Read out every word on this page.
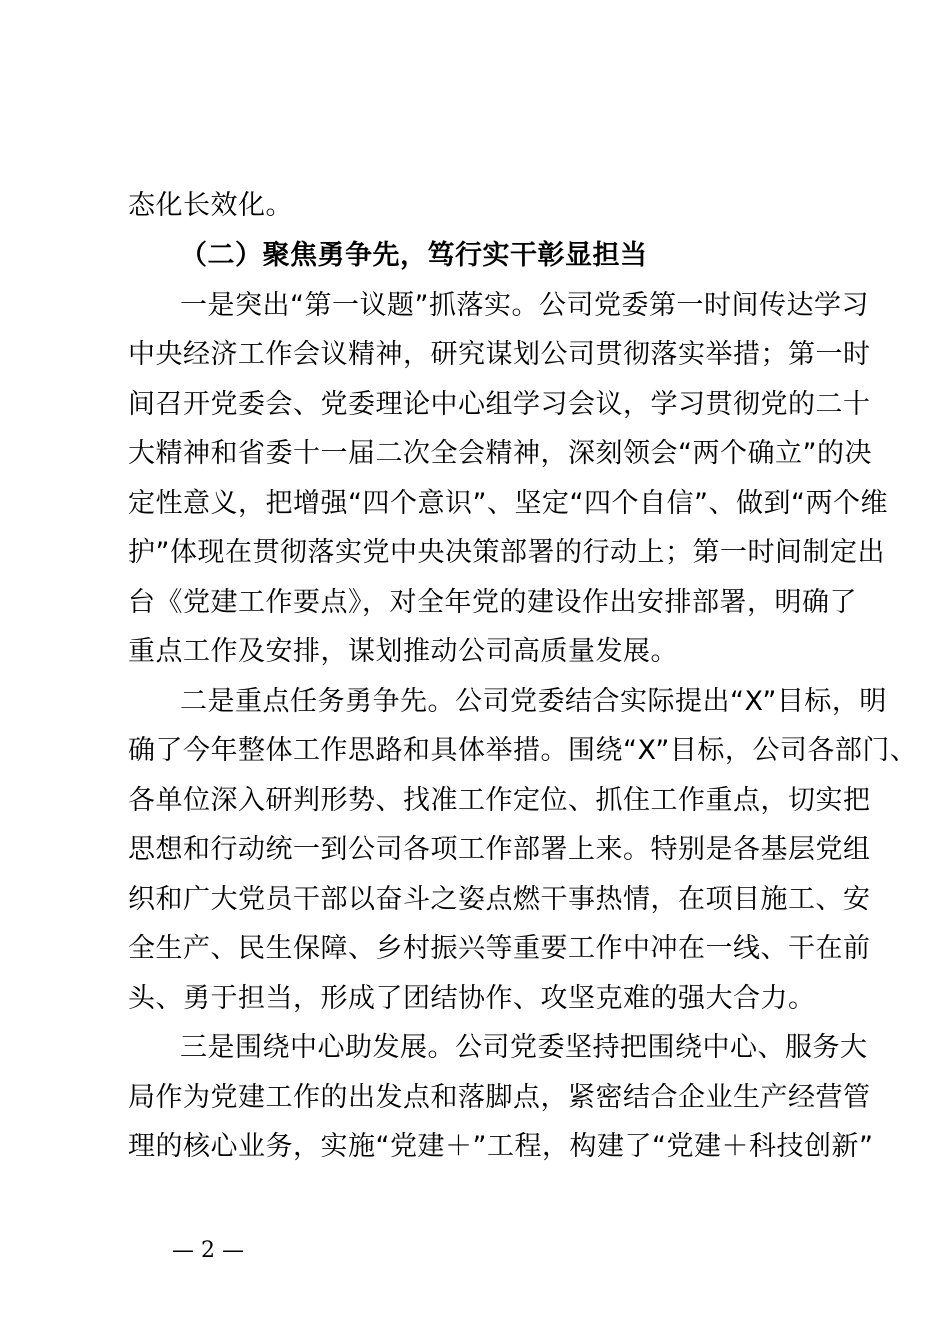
态化长效化。
（二）聚焦勇争先，笃行实干彰显担当
一是突出“第一议题”抓落实。公司党委第一时间传达学习
中央经济工作会议精神，研究谋划公司贯彻落实举措；第一时
间召开党委会、党委理论中心组学习会议，学习贯彻党的二十
大精神和省委十一届二次全会精神，深刻领会“两个确立”的决
定性意义，把增强“四个意识”、坚定“四个自信”、做到“两个维
护”体现在贯彻落实党中央决策部署的行动上；第一时间制定出
台《党建工作要点》，对全年党的建设作出安排部署，明确了
重点工作及安排，谋划推动公司高质量发展。
二是重点任务勇争先。公司党委结合实际提出“X”目标，明
确了今年整体工作思路和具体举措。围绕“X”目标，公司各部门、
各单位深入研判形势、找准工作定位、抓住工作重点，切实把
思想和行动统一到公司各项工作部署上来。特别是各基层党组
织和广大党员干部以奋斗之姿点燃干事热情，在项目施工、安
全生产、民生保障、乡村振兴等重要工作中冲在一线、干在前
头、勇于担当，形成了团结协作、攻坚克难的强大合力。
三是围绕中心助发展。公司党委坚持把围绕中心、服务大
局作为党建工作的出发点和落脚点，紧密结合企业生产经营管
理的核心业务，实施“党建＋”工程，构建了“党建＋科技创新”
— 2 —
